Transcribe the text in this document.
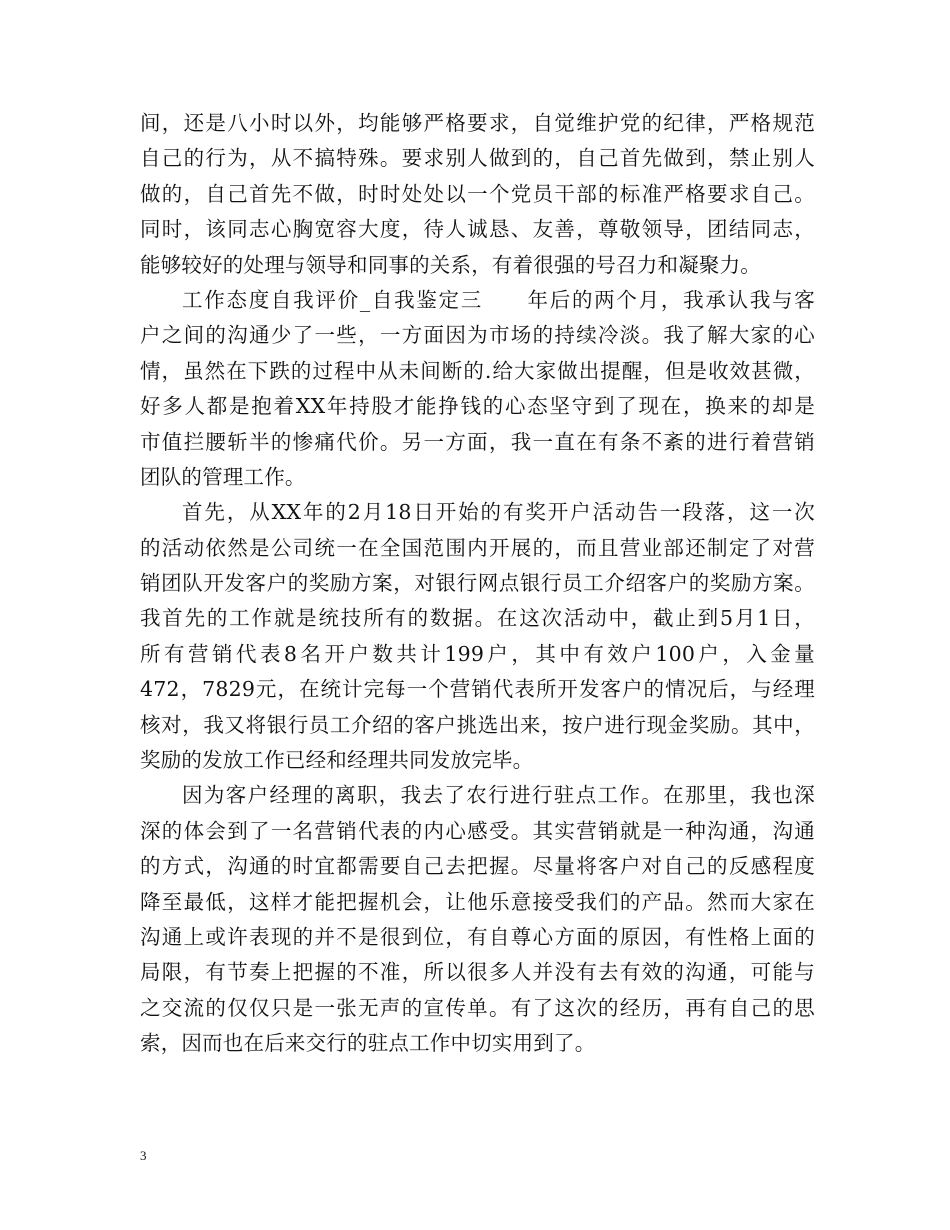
间，还是八小时以外，均能够严格要求，自觉维护党的纪律，严格规范
自己的行为，从不搞特殊。要求别人做到的，自己首先做到，禁止别人
做的，自己首先不做，时时处处以一个党员干部的标准严格要求自己。
同时，该同志心胸宽容大度，待人诚恳、友善，尊敬领导，团结同志，
能够较好的处理与领导和同事的关系，有着很强的号召力和凝聚力。
工作态度自我评价_自我鉴定三　　年后的两个月，我承认我与客
户之间的沟通少了一些，一方面因为市场的持续冷淡。我了解大家的心
情，虽然在下跌的过程中从未间断的.给大家做出提醒，但是收效甚微，
好多人都是抱着XX年持股才能挣钱的心态坚守到了现在，换来的却是
市值拦腰斩半的惨痛代价。另一方面，我一直在有条不紊的进行着营销
团队的管理工作。
首先，从XX年的2月18日开始的有奖开户活动告一段落，这一次
的活动依然是公司统一在全国范围内开展的，而且营业部还制定了对营
销团队开发客户的奖励方案，对银行网点银行员工介绍客户的奖励方案。
我首先的工作就是统技所有的数据。在这次活动中，截止到5月1日，
所有营销代表8名开户数共计199户，其中有效户100户，入金量
472，7829元，在统计完每一个营销代表所开发客户的情况后，与经理
核对，我又将银行员工介绍的客户挑选出来，按户进行现金奖励。其中，
奖励的发放工作已经和经理共同发放完毕。
因为客户经理的离职，我去了农行进行驻点工作。在那里，我也深
深的体会到了一名营销代表的内心感受。其实营销就是一种沟通，沟通
的方式，沟通的时宜都需要自己去把握。尽量将客户对自己的反感程度
降至最低，这样才能把握机会，让他乐意接受我们的产品。然而大家在
沟通上或许表现的并不是很到位，有自尊心方面的原因，有性格上面的
局限，有节奏上把握的不准，所以很多人并没有去有效的沟通，可能与
之交流的仅仅只是一张无声的宣传单。有了这次的经历，再有自己的思
索，因而也在后来交行的驻点工作中切实用到了。
3
